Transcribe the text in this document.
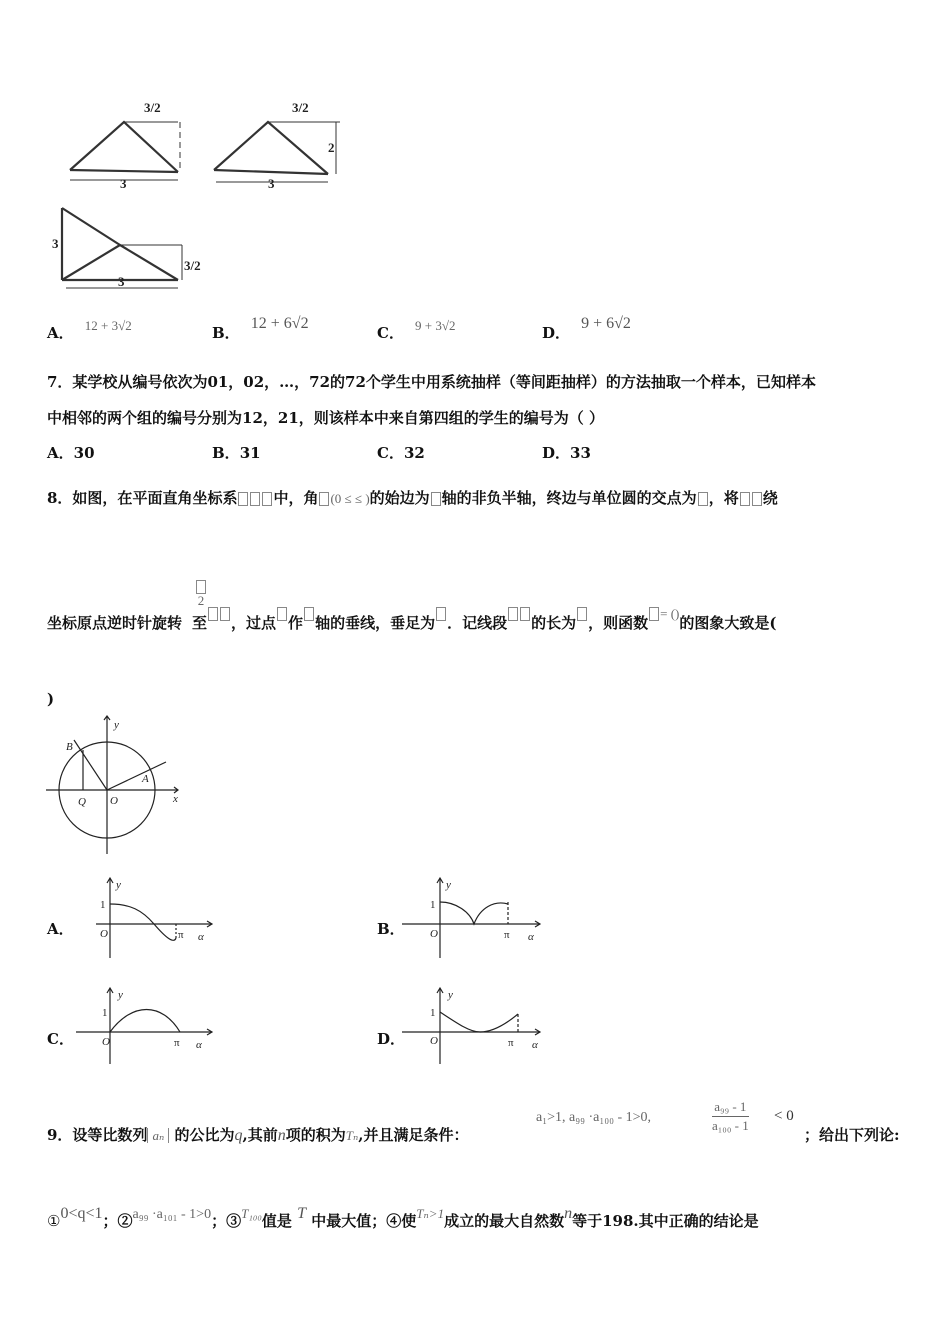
3/2
3
3/2
2
3
3
3/2
3
A． $^{12 + 3√2}$	B． 12 + 6√2
C． $^{9 + 3√2}$	D． 9 + 6√2
7．某学校从编号依次为01，02，…，72的72个学生中用系统抽样（等间距抽样）的方法抽取一个样本，已知样本
中相邻的两个组的编号分别为12，21，则该样本中来自第四组的学生的编号为（ ）
A．30	B．31	C．32	D．33
8．如图，在平面直角坐标系 中，角 (0 ≤ ≤ )的始边为 轴的非负半轴，终边与单位圆的交点为 ，将 绕
2
坐标原点逆时针旋转 至 ，过点 作 轴的垂线，垂足为 ．记线段 的长为 ，则函数= ()的图象大致是(
)
y
x
B
A
Q O
A．
y
1
O	π α	B．
y
1
O	π α
C．
y
1
O	π α	D．
y
1
O	π α
9．设等比数列 aₙ 的公比为q,其前n项的积为Tₙ,并且满足条件：
a₁>1, a₉₉ ·a₁₀₀ - 1>0,	$\frac{\text{a₉₉ - 1}}{\text{a₁₀₀ - 1}} < 0$
；给出下列论:
①0<q<1；②a₉₉ ·a₁₀₁ - 1>0；③T₁₀₀值是 T 中最大值；④使Tₙ>1成立的最大自然数n等于198.其中正确的结论是
